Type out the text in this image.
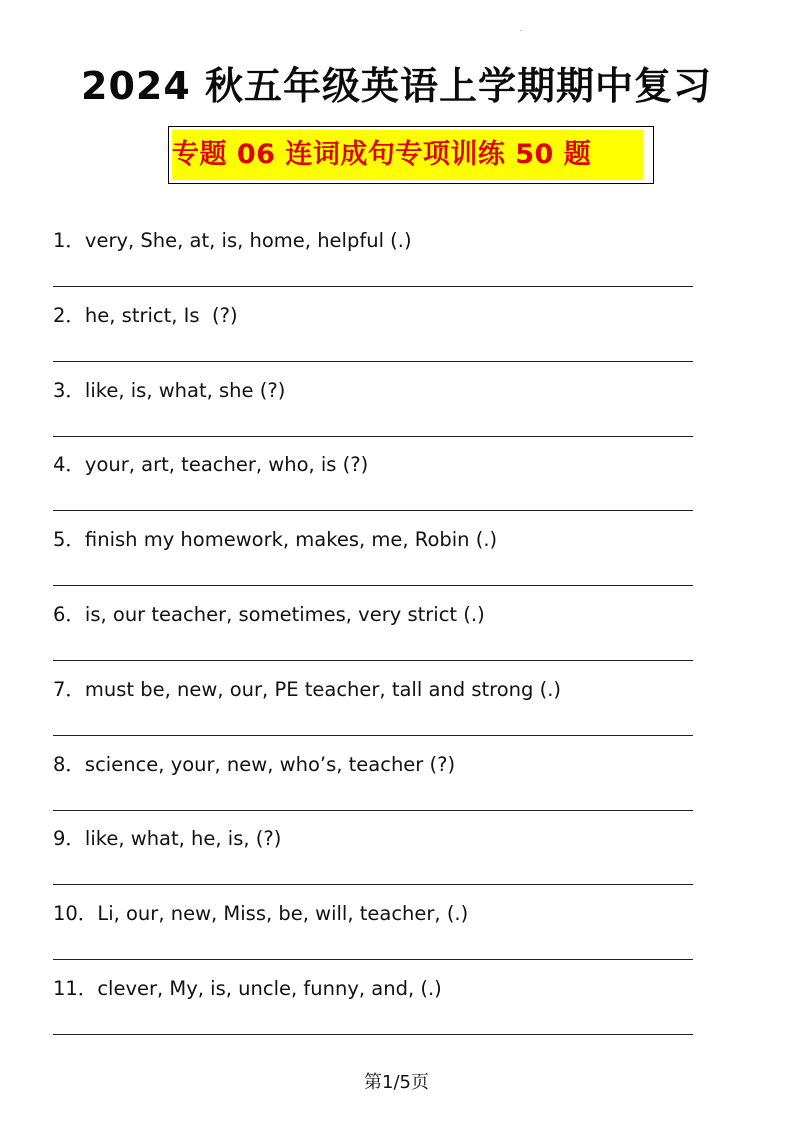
2024 秋五年级英语上学期期中复习
专题 06 连词成句专项训练 50 题
1．very, She, at, is, home, helpful (.)
2．he, strict, Is  (?)
3．like, is, what, she (?)
4．your, art, teacher, who, is (?)
5．finish my homework, makes, me, Robin (.)
6．is, our teacher, sometimes, very strict (.)
7．must be, new, our, PE teacher, tall and strong (.)
8．science, your, new, who’s, teacher (?)
9．like, what, he, is, (?)
10．Li, our, new, Miss, be, will, teacher, (.)
11．clever, My, is, uncle, funny, and, (.)
第1/5页
